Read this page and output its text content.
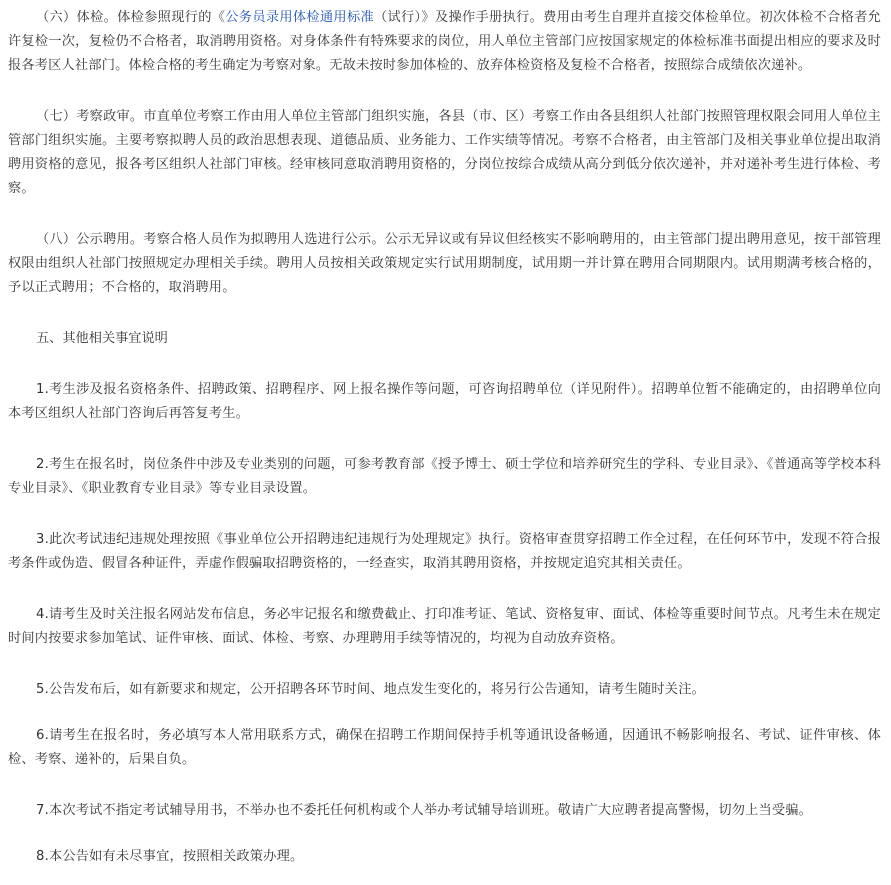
（六）体检。体检参照现行的《公务员录用体检通用标准（试行）》及操作手册执行。费用由考生自理并直接交体检单位。初次体检不合格者允许复检一次，复检仍不合格者，取消聘用资格。对身体条件有特殊要求的岗位，用人单位主管部门应按国家规定的体检标准书面提出相应的要求及时报各考区人社部门。体检合格的考生确定为考察对象。无故未按时参加体检的、放弃体检资格及复检不合格者，按照综合成绩依次递补。

（七）考察政审。市直单位考察工作由用人单位主管部门组织实施，各县（市、区）考察工作由各县组织人社部门按照管理权限会同用人单位主管部门组织实施。主要考察拟聘人员的政治思想表现、道德品质、业务能力、工作实绩等情况。考察不合格者，由主管部门及相关事业单位提出取消聘用资格的意见，报各考区组织人社部门审核。经审核同意取消聘用资格的，分岗位按综合成绩从高分到低分依次递补，并对递补考生进行体检、考察。

（八）公示聘用。考察合格人员作为拟聘用人选进行公示。公示无异议或有异议但经核实不影响聘用的，由主管部门提出聘用意见，按干部管理权限由组织人社部门按照规定办理相关手续。聘用人员按相关政策规定实行试用期制度，试用期一并计算在聘用合同期限内。试用期满考核合格的，予以正式聘用；不合格的，取消聘用。

五、其他相关事宜说明

1.考生涉及报名资格条件、招聘政策、招聘程序、网上报名操作等问题，可咨询招聘单位（详见附件）。招聘单位暂不能确定的，由招聘单位向本考区组织人社部门咨询后再答复考生。

2.考生在报名时，岗位条件中涉及专业类别的问题，可参考教育部《授予博士、硕士学位和培养研究生的学科、专业目录》、《普通高等学校本科专业目录》、《职业教育专业目录》等专业目录设置。

3.此次考试违纪违规处理按照《事业单位公开招聘违纪违规行为处理规定》执行。资格审查贯穿招聘工作全过程，在任何环节中，发现不符合报考条件或伪造、假冒各种证件，弄虚作假骗取招聘资格的，一经查实，取消其聘用资格，并按规定追究其相关责任。

4.请考生及时关注报名网站发布信息，务必牢记报名和缴费截止、打印准考证、笔试、资格复审、面试、体检等重要时间节点。凡考生未在规定时间内按要求参加笔试、证件审核、面试、体检、考察、办理聘用手续等情况的，均视为自动放弃资格。

5.公告发布后，如有新要求和规定，公开招聘各环节时间、地点发生变化的，将另行公告通知，请考生随时关注。

6.请考生在报名时，务必填写本人常用联系方式，确保在招聘工作期间保持手机等通讯设备畅通，因通讯不畅影响报名、考试、证件审核、体检、考察、递补的，后果自负。

7.本次考试不指定考试辅导用书，不举办也不委托任何机构或个人举办考试辅导培训班。敬请广大应聘者提高警惕，切勿上当受骗。

8.本公告如有未尽事宜，按照相关政策办理。
